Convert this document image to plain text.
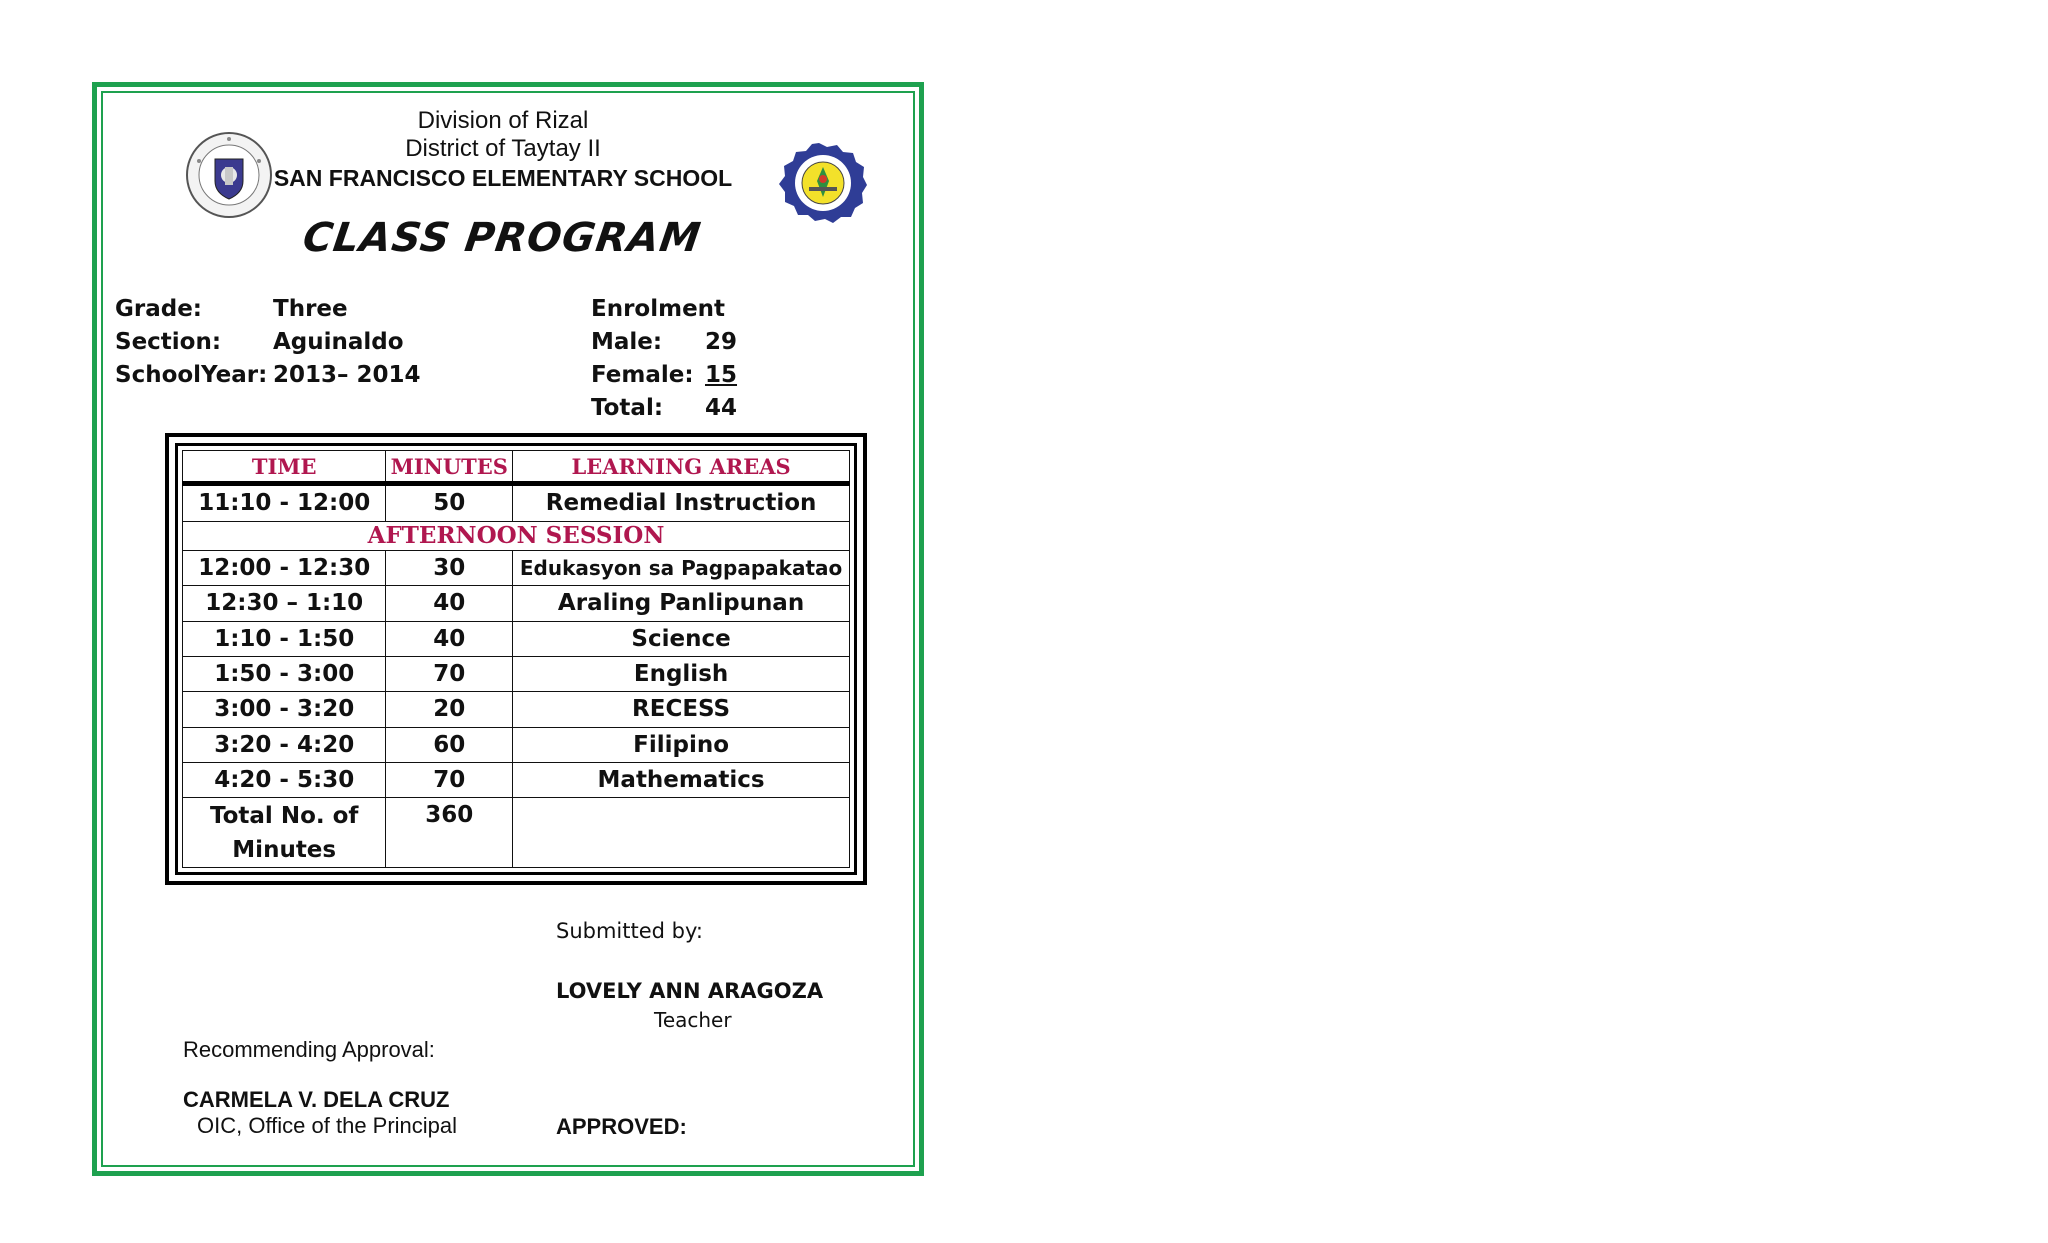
Division of Rizal
District of Taytay II
SAN FRANCISCO ELEMENTARY SCHOOL
CLASS PROGRAM
Grade:	Three
Section: Aguinaldo
SchoolYear: 2013– 2014
Enrolment
Male: 29
Female: 15
Total: 44
TIME	MINUTES	LEARNING AREAS
11:10 - 12:00	50	Remedial Instruction
AFTERNOON SESSION		
12:00 - 12:30	30	Edukasyon sa Pagpapakatao
12:30 – 1:10	40	Araling Panlipunan
1:10 - 1:50	40	Science
1:50 - 3:00	70	English
3:00 - 3:20	20	RECESS
3:20 - 4:20	60	Filipino
4:20 - 5:30	70	Mathematics
Total No. of
Minutes	360	
Submitted by:
LOVELY ANN ARAGOZA
Teacher
Recommending Approval:
CARMELA V. DELA CRUZ
OIC, Office of the Principal	APPROVED:
